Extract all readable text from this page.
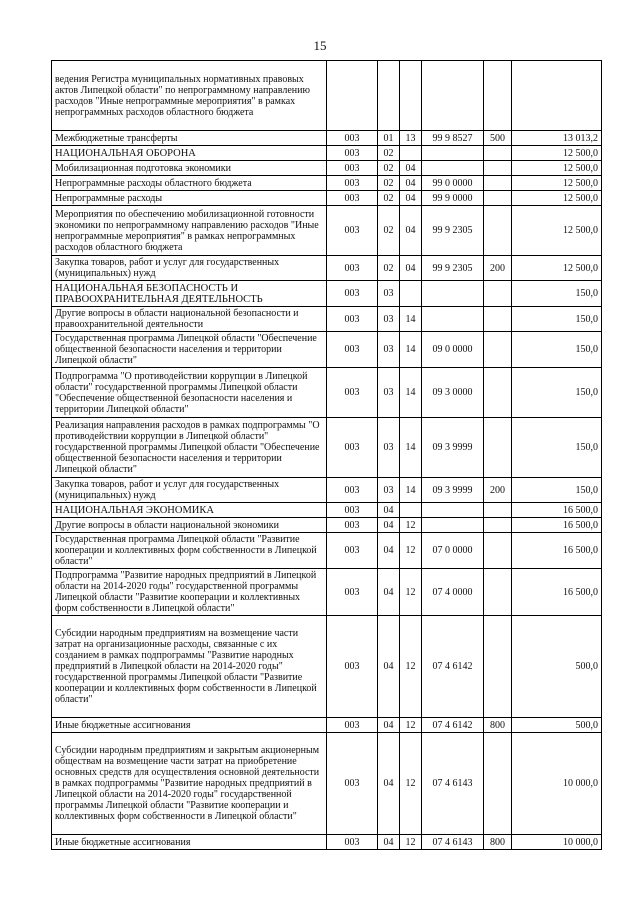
15
ведения Регистра муниципальных нормативных правовых актов Липецкой области" по непрограммному направлению расходов "Иные непрограммные мероприятия" в рамках непрограммных расходов областного бюджета						
Межбюджетные трансферты	003	01	13	99 9 8527	500	13 013,2
НАЦИОНАЛЬНАЯ ОБОРОНА	003	02				12 500,0
Мобилизационная подготовка экономики	003	02	04			12 500,0
Непрограммные расходы областного бюджета	003	02	04	99 0 0000		12 500,0
Непрограммные расходы	003	02	04	99 9 0000		12 500,0
Мероприятия по обеспечению мобилизационной готовности экономики по непрограммному направлению расходов "Иные непрограммные мероприятия" в рамках непрограммных расходов областного бюджета	003	02	04	99 9 2305		12 500,0
Закупка товаров, работ и услуг для государственных (муниципальных) нужд	003	02	04	99 9 2305	200	12 500,0
НАЦИОНАЛЬНАЯ БЕЗОПАСНОСТЬ И ПРАВООХРАНИТЕЛЬНАЯ ДЕЯТЕЛЬНОСТЬ	003	03				150,0
Другие вопросы в области национальной безопасности и правоохранительной деятельности	003	03	14			150,0
Государственная программа Липецкой области "Обеспечение общественной безопасности населения и территории Липецкой области"	003	03	14	09 0 0000		150,0
Подпрограмма "О противодействии коррупции в Липецкой области" государственной программы Липецкой области "Обеспечение общественной безопасности населения и территории Липецкой области"	003	03	14	09 3 0000		150,0
Реализация направления расходов в рамках подпрограммы "О противодействии коррупции в Липецкой области" государственной программы Липецкой области "Обеспечение общественной безопасности населения и территории Липецкой области"	003	03	14	09 3 9999		150,0
Закупка товаров, работ и услуг для государственных (муниципальных) нужд	003	03	14	09 3 9999	200	150,0
НАЦИОНАЛЬНАЯ ЭКОНОМИКА	003	04				16 500,0
Другие вопросы в области национальной экономики	003	04	12			16 500,0
Государственная программа Липецкой области "Развитие кооперации и коллективных форм собственности в Липецкой области"	003	04	12	07 0 0000		16 500,0
Подпрограмма "Развитие народных предприятий в Липецкой области на 2014-2020 годы" государственной программы Липецкой области "Развитие кооперации и коллективных форм собственности в Липецкой области"	003	04	12	07 4 0000		16 500,0
Субсидии народным предприятиям на возмещение части затрат на организационные расходы, связанные с их созданием в рамках подпрограммы "Развитие народных предприятий в Липецкой области на 2014-2020 годы" государственной программы Липецкой области "Развитие кооперации и коллективных форм собственности в Липецкой области"	003	04	12	07 4 6142		500,0
Иные бюджетные ассигнования	003	04	12	07 4 6142	800	500,0
Субсидии народным предприятиям и закрытым акционерным обществам на возмещение части затрат на приобретение основных средств для осуществления основной деятельности в рамках подпрограммы "Развитие народных предприятий в Липецкой области на 2014-2020 годы" государственной программы Липецкой области "Развитие кооперации и коллективных форм собственности в Липецкой области"	003	04	12	07 4 6143		10 000,0
Иные бюджетные ассигнования	003	04	12	07 4 6143	800	10 000,0
